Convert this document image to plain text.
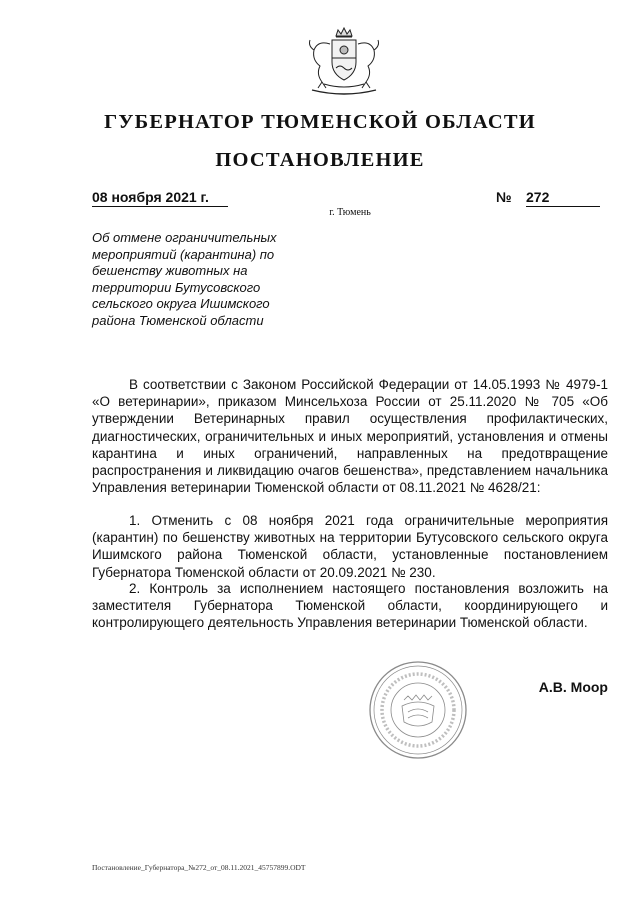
ГУБЕРНАТОР ТЮМЕНСКОЙ ОБЛАСТИ
ПОСТАНОВЛЕНИЕ
08 ноября 2021 г.	№ 272
г. Тюмень
Об отмене ограничительных мероприятий (карантина) по бешенству животных на территории Бутусовского сельского округа Ишимского района Тюменской области
В соответствии с Законом Российской Федерации от 14.05.1993 № 4979-1 «О ветеринарии», приказом Минсельхоза России от 25.11.2020 № 705 «Об утверждении Ветеринарных правил осуществления профилактических, диагностических, ограничительных и иных мероприятий, установления и отмены карантина и иных ограничений, направленных на предотвращение распространения и ликвидацию очагов бешенства», представлением начальника Управления ветеринарии Тюменской области от 08.11.2021 № 4628/21:
1. Отменить с 08 ноября 2021 года ограничительные мероприятия (карантин) по бешенству животных на территории Бутусовского сельского округа Ишимского района Тюменской области, установленные постановлением Губернатора Тюменской области от 20.09.2021 № 230.
2. Контроль за исполнением настоящего постановления возложить на заместителя Губернатора Тюменской области, координирующего и контролирующего деятельность Управления ветеринарии Тюменской области.
А.В. Моор
Постановление_Губернатора_№272_от_08.11.2021_45757899.ODT
